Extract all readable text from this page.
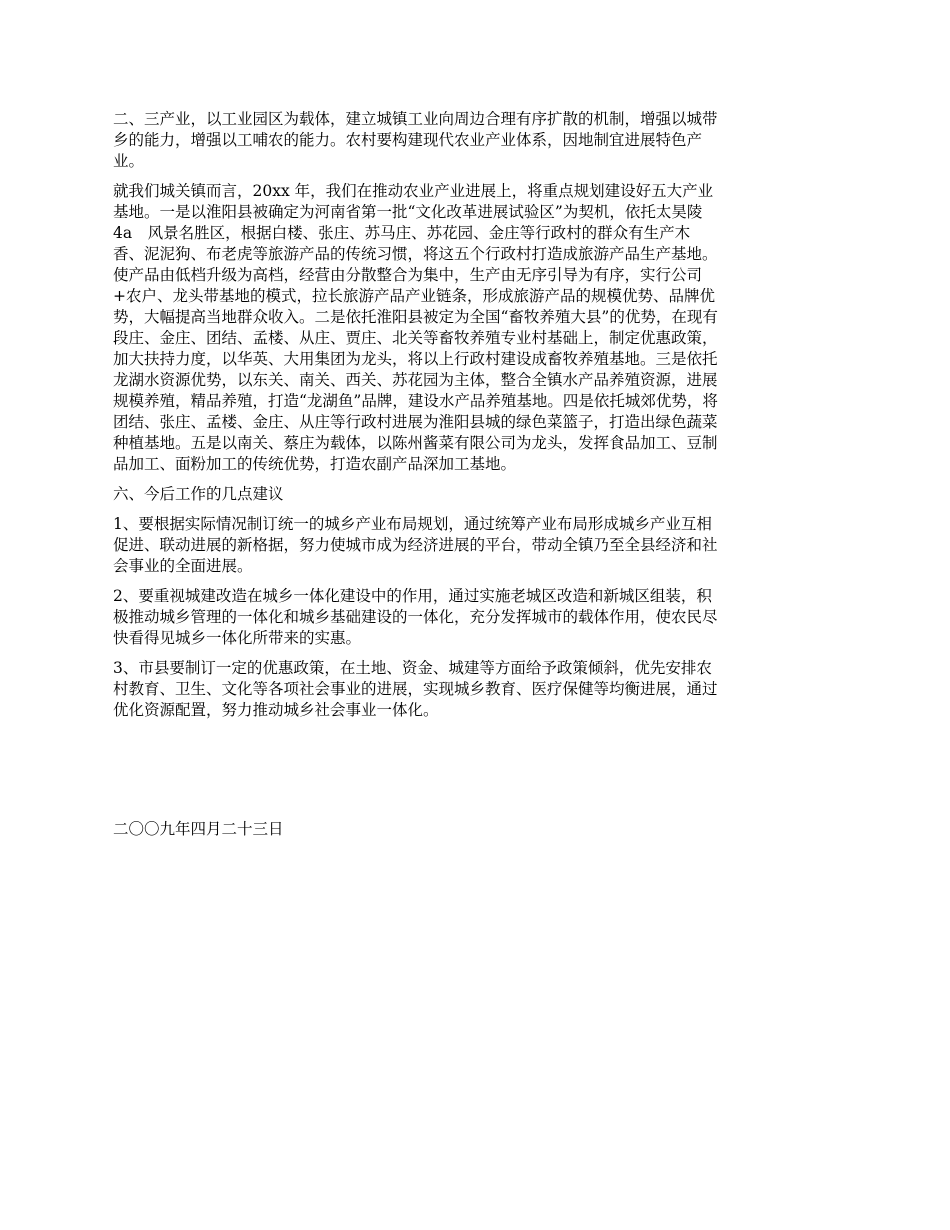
二、三产业，以工业园区为载体，建立城镇工业向周边合理有序扩散的机制，增强以城带
乡的能力，增强以工哺农的能力。农村要构建现代农业产业体系，因地制宜进展特色产
业。
就我们城关镇而言，20xx 年，我们在推动农业产业进展上，将重点规划建设好五大产业
基地。一是以淮阳县被确定为河南省第一批“文化改革进展试验区”为契机，依托太昊陵
4a　风景名胜区，根据白楼、张庄、苏马庄、苏花园、金庄等行政村的群众有生产木
香、泥泥狗、布老虎等旅游产品的传统习惯，将这五个行政村打造成旅游产品生产基地。
使产品由低档升级为高档，经营由分散整合为集中，生产由无序引导为有序，实行公司
+农户、龙头带基地的模式，拉长旅游产品产业链条，形成旅游产品的规模优势、品牌优
势，大幅提高当地群众收入。二是依托淮阳县被定为全国“畜牧养殖大县”的优势，在现有
段庄、金庄、团结、孟楼、从庄、贾庄、北关等畜牧养殖专业村基础上，制定优惠政策，
加大扶持力度，以华英、大用集团为龙头，将以上行政村建设成畜牧养殖基地。三是依托
龙湖水资源优势，以东关、南关、西关、苏花园为主体，整合全镇水产品养殖资源，进展
规模养殖，精品养殖，打造“龙湖鱼”品牌，建设水产品养殖基地。四是依托城郊优势，将
团结、张庄、孟楼、金庄、从庄等行政村进展为淮阳县城的绿色菜篮子，打造出绿色蔬菜
种植基地。五是以南关、蔡庄为载体，以陈州酱菜有限公司为龙头，发挥食品加工、豆制
品加工、面粉加工的传统优势，打造农副产品深加工基地。
六、今后工作的几点建议
1、要根据实际情况制订统一的城乡产业布局规划，通过统筹产业布局形成城乡产业互相
促进、联动进展的新格据，努力使城市成为经济进展的平台，带动全镇乃至全县经济和社
会事业的全面进展。
2、要重视城建改造在城乡一体化建设中的作用，通过实施老城区改造和新城区组装，积
极推动城乡管理的一体化和城乡基础建设的一体化，充分发挥城市的载体作用，使农民尽
快看得见城乡一体化所带来的实惠。
3、市县要制订一定的优惠政策，在土地、资金、城建等方面给予政策倾斜，优先安排农
村教育、卫生、文化等各项社会事业的进展，实现城乡教育、医疗保健等均衡进展，通过
优化资源配置，努力推动城乡社会事业一体化。
二〇〇九年四月二十三日
